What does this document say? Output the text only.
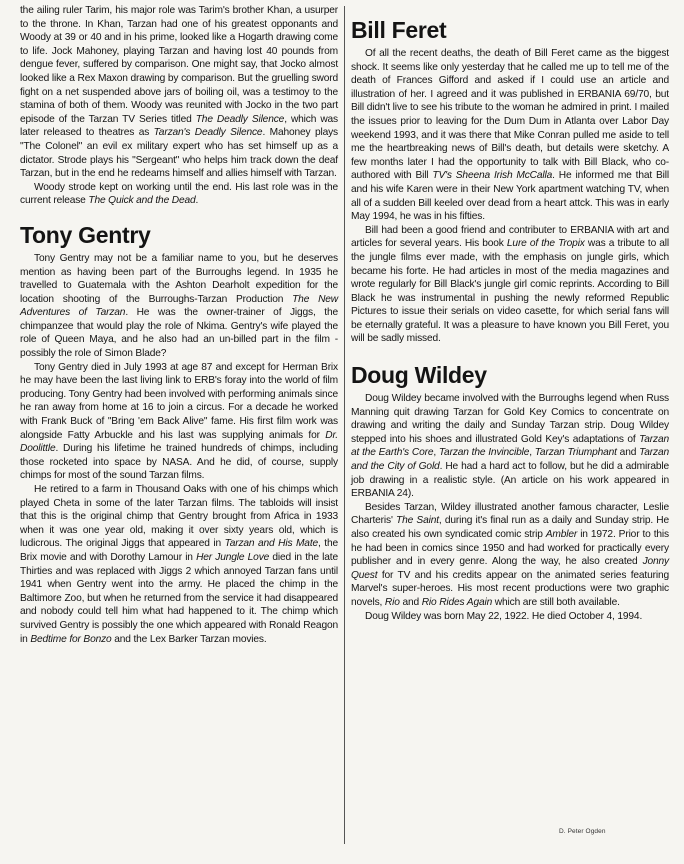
the ailing ruler Tarim, his major role was Tarim's brother Khan, a usurper to the throne. In Khan, Tarzan had one of his greatest opponants and Woody at 39 or 40 and in his prime, looked like a Hogarth drawing come to life. Jock Mahoney, playing Tarzan and having lost 40 pounds from dengue fever, suffered by comparison. One might say, that Jocko almost looked like a Rex Maxon drawing by comparison. But the gruelling sword fight on a net suspended above jars of boiling oil, was a testimoy to the stamina of both of them. Woody was reunited with Jocko in the two part episode of the Tarzan TV Series titled The Deadly Silence, which was later released to theatres as Tarzan's Deadly Silence. Mahoney plays "The Colonel" an evil ex military expert who has set himself up as a dictator. Strode plays his "Sergeant" who helps him track down the deaf Tarzan, but in the end he redeams himself and allies himself with Tarzan.

Woody strode kept on working until the end. His last role was in the current release The Quick and the Dead.

Tony Gentry

Tony Gentry may not be a familiar name to you, but he deserves mention as having been part of the Burroughs legend. In 1935 he travelled to Guatemala with the Ashton Dearholt expedition for the location shooting of the Burroughs-Tarzan Production The New Adventures of Tarzan. He was the owner-trainer of Jiggs, the chimpanzee that would play the role of Nkima. Gentry's wife played the role of Queen Maya, and he also had an un-billed part in the film - possibly the role of Simon Blade?

Tony Gentry died in July 1993 at age 87 and except for Herman Brix he may have been the last living link to ERB's foray into the world of film producing. Tony Gentry had been involved with performing animals since he ran away from home at 16 to join a circus. For a decade he worked with Frank Buck of "Bring 'em Back Alive" fame. His first film work was alongside Fatty Arbuckle and his last was supplying animals for Dr. Doolittle. During his lifetime he trained hundreds of chimps, including those rocketed into space by NASA. And he did, of course, supply chimps for most of the sound Tarzan films.

He retired to a farm in Thousand Oaks with one of his chimps which played Cheta in some of the later Tarzan films. The tabloids will insist that this is the original chimp that Gentry brought from Africa in 1933 when it was one year old, making it over sixty years old, which is ludicrous. The original Jiggs that appeared in Tarzan and His Mate, the Brix movie and with Dorothy Lamour in Her Jungle Love died in the late Thirties and was replaced with Jiggs 2 which annoyed Tarzan fans until 1941 when Gentry went into the army. He placed the chimp in the Baltimore Zoo, but when he returned from the service it had disappeared and nobody could tell him what had happened to it. The chimp which survived Gentry is possibly the one which appeared with Ronald Reagon in Bedtime for Bonzo and the Lex Barker Tarzan movies.

Bill Feret

Of all the recent deaths, the death of Bill Feret came as the biggest shock. It seems like only yesterday that he called me up to tell me of the death of Frances Gifford and asked if I could use an article and illustration of her. I agreed and it was published in ERBANIA 69/70, but Bill didn't live to see his tribute to the woman he admired in print. I mailed the issues prior to leaving for the Dum Dum in Atlanta over Labor Day weekend 1993, and it was there that Mike Conran pulled me aside to tell me the heartbreaking news of Bill's death, but details were sketchy. A few months later I had the opportunity to talk with Bill Black, who co-authored with Bill TV's Sheena Irish McCalla. He informed me that Bill and his wife Karen were in their New York apartment watching TV, when all of a sudden Bill keeled over dead from a heart attck. This was in early May 1994, he was in his fifties.

Bill had been a good friend and contributer to ERBANIA with art and articles for several years. His book Lure of the Tropix was a tribute to all the jungle films ever made, with the emphasis on jungle girls, which became his forte. He had articles in most of the media magazines and wrote regularly for Bill Black's jungle girl comic reprints. According to Bill Black he was instrumental in pushing the newly reformed Republic Pictures to issue their serials on video casette, for which serial fans will be eternally grateful. It was a pleasure to have known you Bill Feret, you will be sadly missed.

Doug Wildey

Doug Wildey became involved with the Burroughs legend when Russ Manning quit drawing Tarzan for Gold Key Comics to concentrate on drawing and writing the daily and Sunday Tarzan strip. Doug Wildey stepped into his shoes and illustrated Gold Key's adaptations of Tarzan at the Earth's Core, Tarzan the Invincible, Tarzan Triumphant and Tarzan and the City of Gold. He had a hard act to follow, but he did a admirable job drawing in a realistic style. (An article on his work appeared in ERBANIA 24).

Besides Tarzan, Wildey illustrated another famous character, Leslie Charteris' The Saint, during it's final run as a daily and Sunday strip. He also created his own syndicated comic strip Ambler in 1972. Prior to this he had been in comics since 1950 and had worked for practically every publisher and in every genre. Along the way, he also created Jonny Quest for TV and his credits appear on the animated series featuring Marvel's super-heroes. His most recent productions were two graphic novels, Rio and Rio Rides Again which are still both available.

Doug Wildey was born May 22, 1922. He died October 4, 1994.

D. Peter Ogden
